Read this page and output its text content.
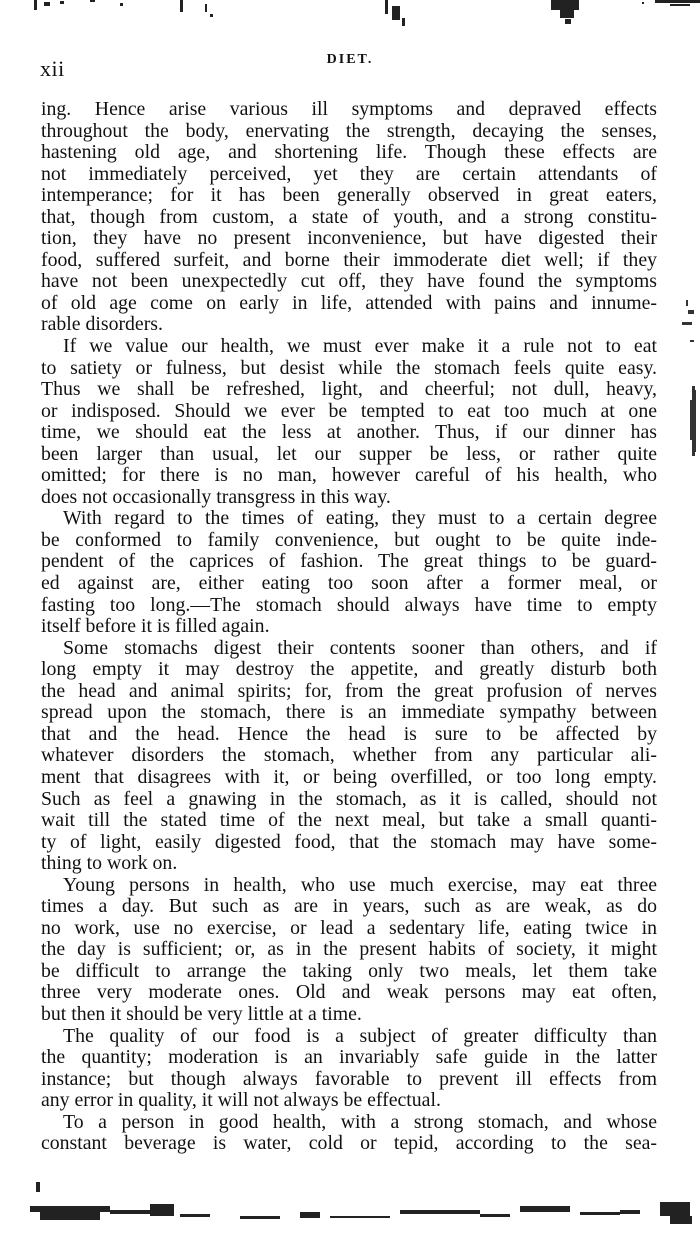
xii	DIET.
ing. Hence arise various ill symptoms and depraved effects
throughout the body, enervating the strength, decaying the senses,
hastening old age, and shortening life. Though these effects are
not immediately perceived, yet they are certain attendants of
intemperance; for it has been generally observed in great eaters,
that, though from custom, a state of youth, and a strong constitu-
tion, they have no present inconvenience, but have digested their
food, suffered surfeit, and borne their immoderate diet well; if they
have not been unexpectedly cut off, they have found the symptoms
of old age come on early in life, attended with pains and innume-
rable disorders.
If we value our health, we must ever make it a rule not to eat
to satiety or fulness, but desist while the stomach feels quite easy.
Thus we shall be refreshed, light, and cheerful; not dull, heavy,
or indisposed. Should we ever be tempted to eat too much at one
time, we should eat the less at another. Thus, if our dinner has
been larger than usual, let our supper be less, or rather quite
omitted; for there is no man, however careful of his health, who
does not occasionally transgress in this way.
With regard to the times of eating, they must to a certain degree
be conformed to family convenience, but ought to be quite inde-
pendent of the caprices of fashion. The great things to be guard-
ed against are, either eating too soon after a former meal, or
fasting too long.—The stomach should always have time to empty
itself before it is filled again.
Some stomachs digest their contents sooner than others, and if
long empty it may destroy the appetite, and greatly disturb both
the head and animal spirits; for, from the great profusion of nerves
spread upon the stomach, there is an immediate sympathy between
that and the head. Hence the head is sure to be affected by
whatever disorders the stomach, whether from any particular ali-
ment that disagrees with it, or being overfilled, or too long empty.
Such as feel a gnawing in the stomach, as it is called, should not
wait till the stated time of the next meal, but take a small quanti-
ty of light, easily digested food, that the stomach may have some-
thing to work on.
Young persons in health, who use much exercise, may eat three
times a day. But such as are in years, such as are weak, as do
no work, use no exercise, or lead a sedentary life, eating twice in
the day is sufficient; or, as in the present habits of society, it might
be difficult to arrange the taking only two meals, let them take
three very moderate ones. Old and weak persons may eat often,
but then it should be very little at a time.
The quality of our food is a subject of greater difficulty than
the quantity; moderation is an invariably safe guide in the latter
instance; but though always favorable to prevent ill effects from
any error in quality, it will not always be effectual.
To a person in good health, with a strong stomach, and whose
constant beverage is water, cold or tepid, according to the sea-
